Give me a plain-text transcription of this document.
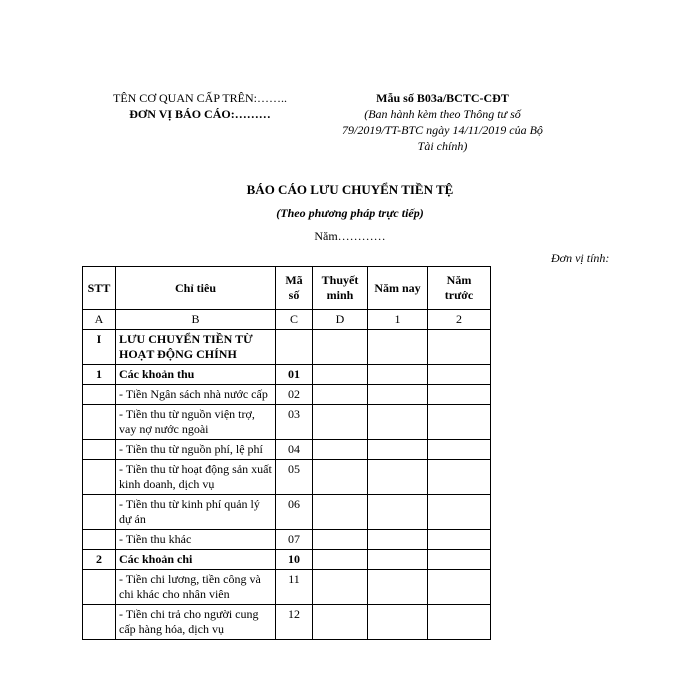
TÊN CƠ QUAN CẤP TRÊN:……..
ĐƠN VỊ BÁO CÁO:………
Mẫu số B03a/BCTC-CĐT
(Ban hành kèm theo Thông tư số
79/2019/TT-BTC ngày 14/11/2019 của Bộ
Tài chính)
BÁO CÁO LƯU CHUYỂN TIỀN TỆ
(Theo phương pháp trực tiếp)
Năm…………
Đơn vị tính:
STT	Chỉ tiêu	Mã số	Thuyết minh	Năm nay	Năm trước
A	B	C	D	1	2
I	LƯU CHUYỂN TIỀN TỪ HOẠT ĐỘNG CHÍNH				
1	Các khoản thu	01			
	- Tiền Ngân sách nhà nước cấp	02			
	- Tiền thu từ nguồn viện trợ, vay nợ nước ngoài	03			
	- Tiền thu từ nguồn phí, lệ phí	04			
	- Tiền thu từ hoạt động sản xuất kinh doanh, dịch vụ	05			
	- Tiền thu từ kinh phí quản lý dự án	06			
	- Tiền thu khác	07			
2	Các khoản chi	10			
	- Tiền chi lương, tiền công và chi khác cho nhân viên	11			
	- Tiền chi trả cho người cung cấp hàng hóa, dịch vụ	12			
